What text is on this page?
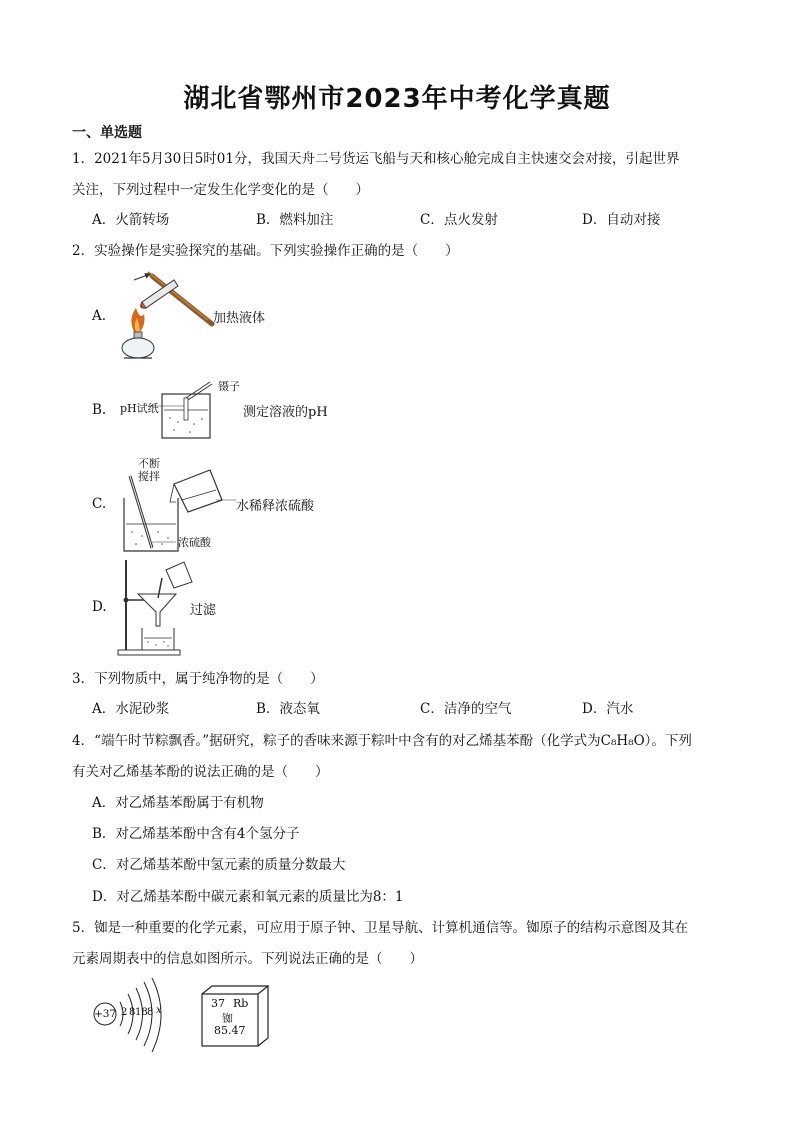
湖北省鄂州市2023年中考化学真题
一、单选题
1．2021年5月30日5时01分，我国天舟二号货运飞船与天和核心舱完成自主快速交会对接，引起世界
关注，下列过程中一定发生化学变化的是（　　）
A．火箭转场	B．燃料加注	C．点火发射	D．自动对接
2．实验操作是实验探究的基础。下列实验操作正确的是（　　）
A.	加热液体
B. pH试纸
镊子
测定溶液的pH
C.
不断
搅拌
水稀释浓硫酸
浓硫酸
D.	过滤
3．下列物质中，属于纯净物的是（　　）
A．水泥砂浆	B．液态氧	C．洁净的空气	D．汽水
4．“端午时节粽飘香。”据研究，粽子的香味来源于粽叶中含有的对乙烯基苯酚（化学式为C₈H₈O）。下列
有关对乙烯基苯酚的说法正确的是（　　）
A．对乙烯基苯酚属于有机物
B．对乙烯基苯酚中含有4个氢分子
C．对乙烯基苯酚中氢元素的质量分数最大
D．对乙烯基苯酚中碳元素和氧元素的质量比为8：1
5．铷是一种重要的化学元素，可应用于原子钟、卫星导航、计算机通信等。铷原子的结构示意图及其在
元素周期表中的信息如图所示。下列说法正确的是（　　）
+37 2 8 18 8 x
37 Rb
铷
85.47
